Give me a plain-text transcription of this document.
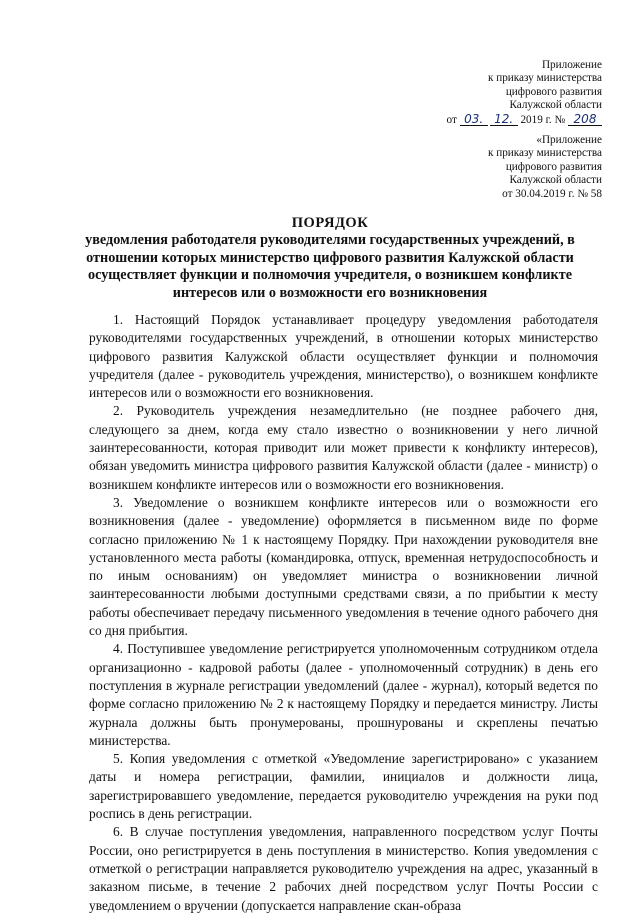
Приложение
к приказу министерства
цифрового развития
Калужской области
от 03. 12. 2019 г. № 208
«Приложение
к приказу министерства
цифрового развития
Калужской области
от 30.04.2019 г. № 58
ПОРЯДОК
уведомления работодателя руководителями государственных учреждений, в отношении которых министерство цифрового развития Калужской области осуществляет функции и полномочия учредителя, о возникшем конфликте интересов или о возможности его возникновения

1. Настоящий Порядок устанавливает процедуру уведомления работодателя руководителями государственных учреждений, в отношении которых министерство цифрового развития Калужской области осуществляет функции и полномочия учредителя (далее - руководитель учреждения, министерство), о возникшем конфликте интересов или о возможности его возникновения.

2. Руководитель учреждения незамедлительно (не позднее рабочего дня, следующего за днем, когда ему стало известно о возникновении у него личной заинтересованности, которая приводит или может привести к конфликту интересов), обязан уведомить министра цифрового развития Калужской области (далее - министр) о возникшем конфликте интересов или о возможности его возникновения.

3. Уведомление о возникшем конфликте интересов или о возможности его возникновения (далее - уведомление) оформляется в письменном виде по форме согласно приложению № 1 к настоящему Порядку. При нахождении руководителя вне установленного места работы (командировка, отпуск, временная нетрудоспособность и по иным основаниям) он уведомляет министра о возникновении личной заинтересованности любыми доступными средствами связи, а по прибытии к месту работы обеспечивает передачу письменного уведомления в течение одного рабочего дня со дня прибытия.

4. Поступившее уведомление регистрируется уполномоченным сотрудником отдела организационно - кадровой работы (далее - уполномоченный сотрудник) в день его поступления в журнале регистрации уведомлений (далее - журнал), который ведется по форме согласно приложению № 2 к настоящему Порядку и передается министру. Листы журнала должны быть пронумерованы, прошнурованы и скреплены печатью министерства.

5. Копия уведомления с отметкой «Уведомление зарегистрировано» с указанием даты и номера регистрации, фамилии, инициалов и должности лица, зарегистрировавшего уведомление, передается руководителю учреждения на руки под роспись в день регистрации.

6. В случае поступления уведомления, направленного посредством услуг Почты России, оно регистрируется в день поступления в министерство. Копия уведомления с отметкой о регистрации направляется руководителю учреждения на адрес, указанный в заказном письме, в течение 2 рабочих дней посредством услуг Почты России с уведомлением о вручении (допускается направление скан-образа
